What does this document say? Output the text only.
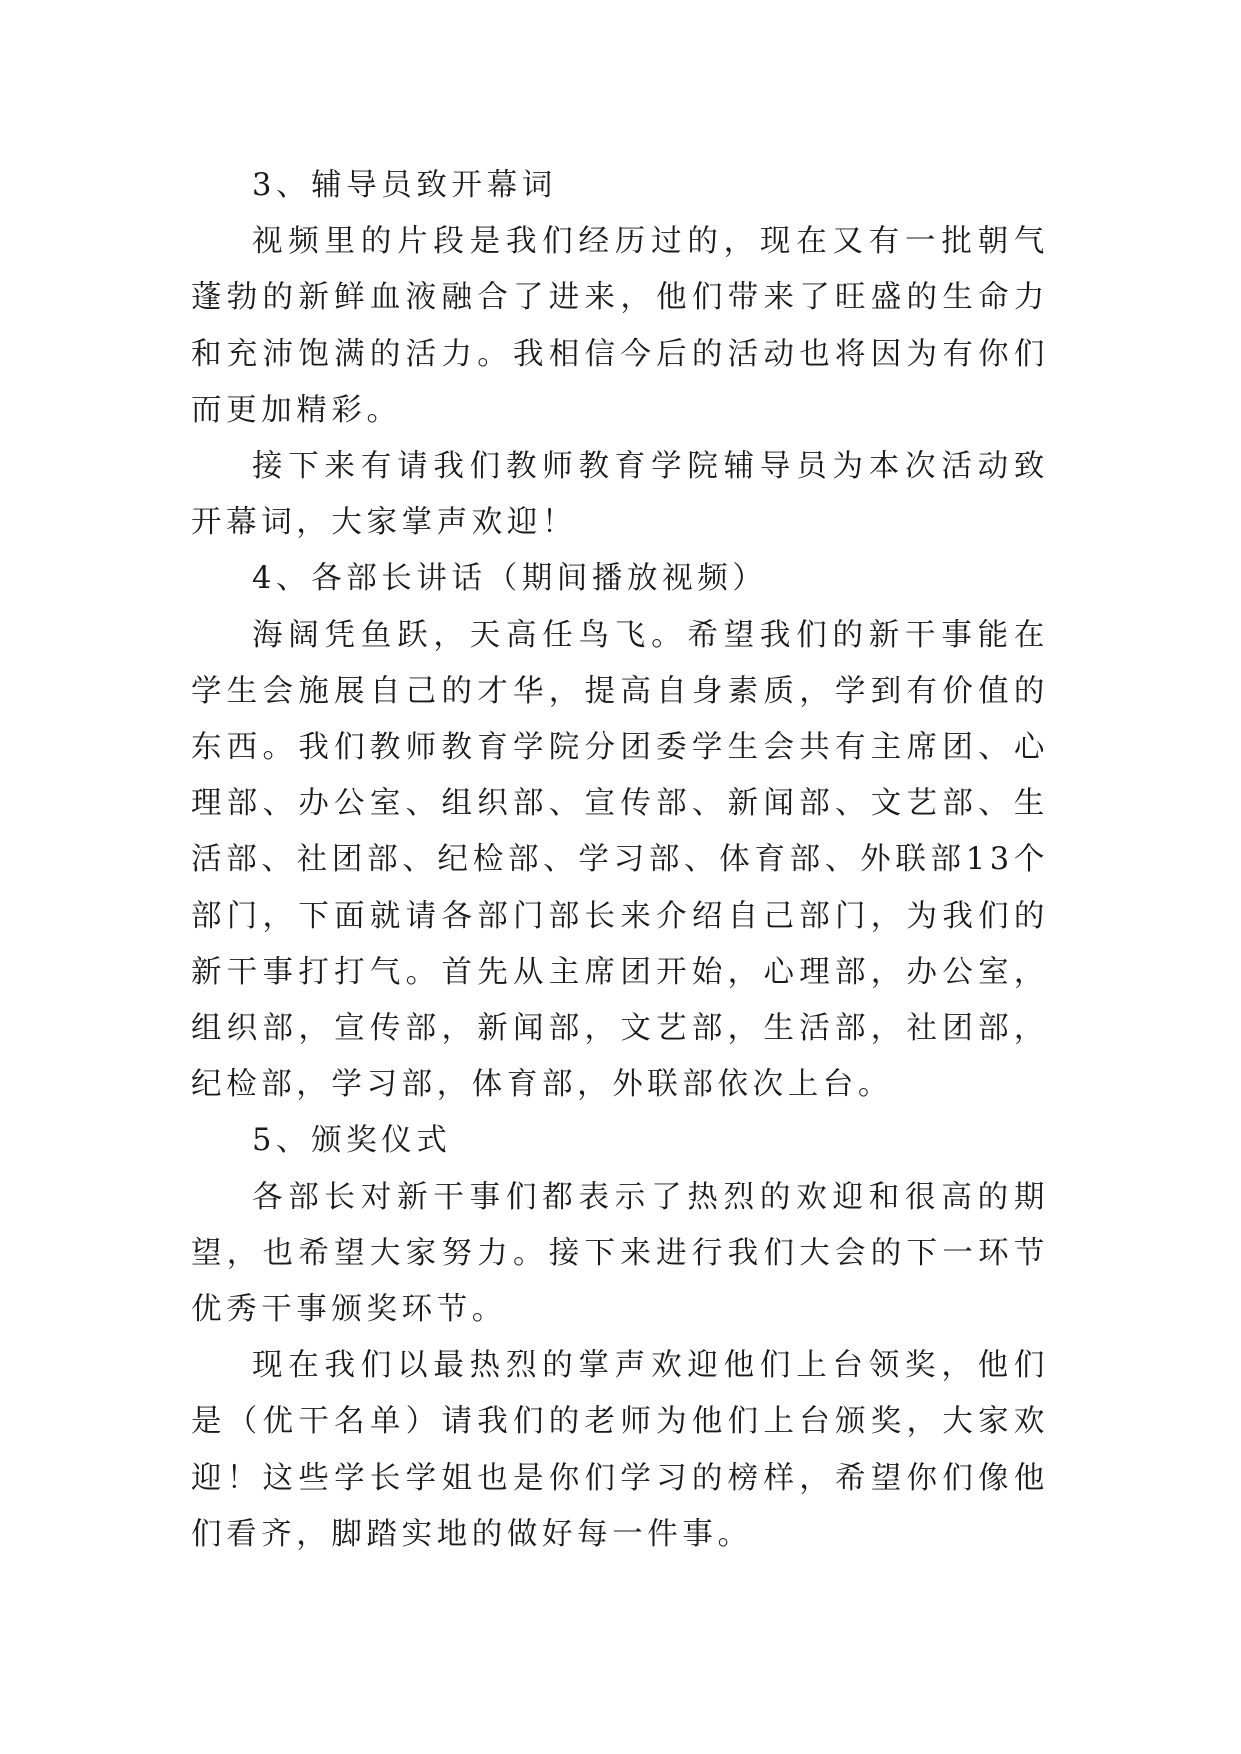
3、辅导员致开幕词

视频里的片段是我们经历过的，现在又有一批朝气蓬勃的新鲜血液融合了进来，他们带来了旺盛的生命力和充沛饱满的活力。我相信今后的活动也将因为有你们而更加精彩。

接下来有请我们教师教育学院辅导员为本次活动致开幕词，大家掌声欢迎！

4、各部长讲话（期间播放视频）

海阔凭鱼跃，天高任鸟飞。希望我们的新干事能在学生会施展自己的才华，提高自身素质，学到有价值的东西。我们教师教育学院分团委学生会共有主席团、心理部、办公室、组织部、宣传部、新闻部、文艺部、生活部、社团部、纪检部、学习部、体育部、外联部13个部门，下面就请各部门部长来介绍自己部门，为我们的新干事打打气。首先从主席团开始，心理部，办公室，组织部，宣传部，新闻部，文艺部，生活部，社团部，纪检部，学习部，体育部，外联部依次上台。

5、颁奖仪式

各部长对新干事们都表示了热烈的欢迎和很高的期望，也希望大家努力。接下来进行我们大会的下一环节优秀干事颁奖环节。

现在我们以最热烈的掌声欢迎他们上台领奖，他们是（优干名单）请我们的老师为他们上台颁奖，大家欢迎！这些学长学姐也是你们学习的榜样，希望你们像他们看齐，脚踏实地的做好每一件事。
